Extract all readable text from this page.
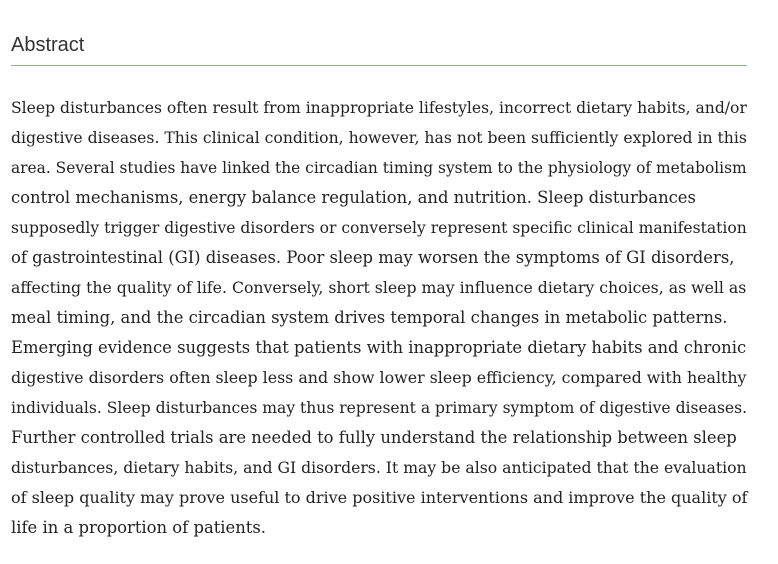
Abstract

Sleep disturbances often result from inappropriate lifestyles, incorrect dietary habits, and/or
digestive diseases. This clinical condition, however, has not been sufficiently explored in this
area. Several studies have linked the circadian timing system to the physiology of metabolism
control mechanisms, energy balance regulation, and nutrition. Sleep disturbances
supposedly trigger digestive disorders or conversely represent specific clinical manifestation
of gastrointestinal (GI) diseases. Poor sleep may worsen the symptoms of GI disorders,
affecting the quality of life. Conversely, short sleep may influence dietary choices, as well as
meal timing, and the circadian system drives temporal changes in metabolic patterns.
Emerging evidence suggests that patients with inappropriate dietary habits and chronic
digestive disorders often sleep less and show lower sleep efficiency, compared with healthy
individuals. Sleep disturbances may thus represent a primary symptom of digestive diseases.
Further controlled trials are needed to fully understand the relationship between sleep
disturbances, dietary habits, and GI disorders. It may be also anticipated that the evaluation
of sleep quality may prove useful to drive positive interventions and improve the quality of
life in a proportion of patients.
